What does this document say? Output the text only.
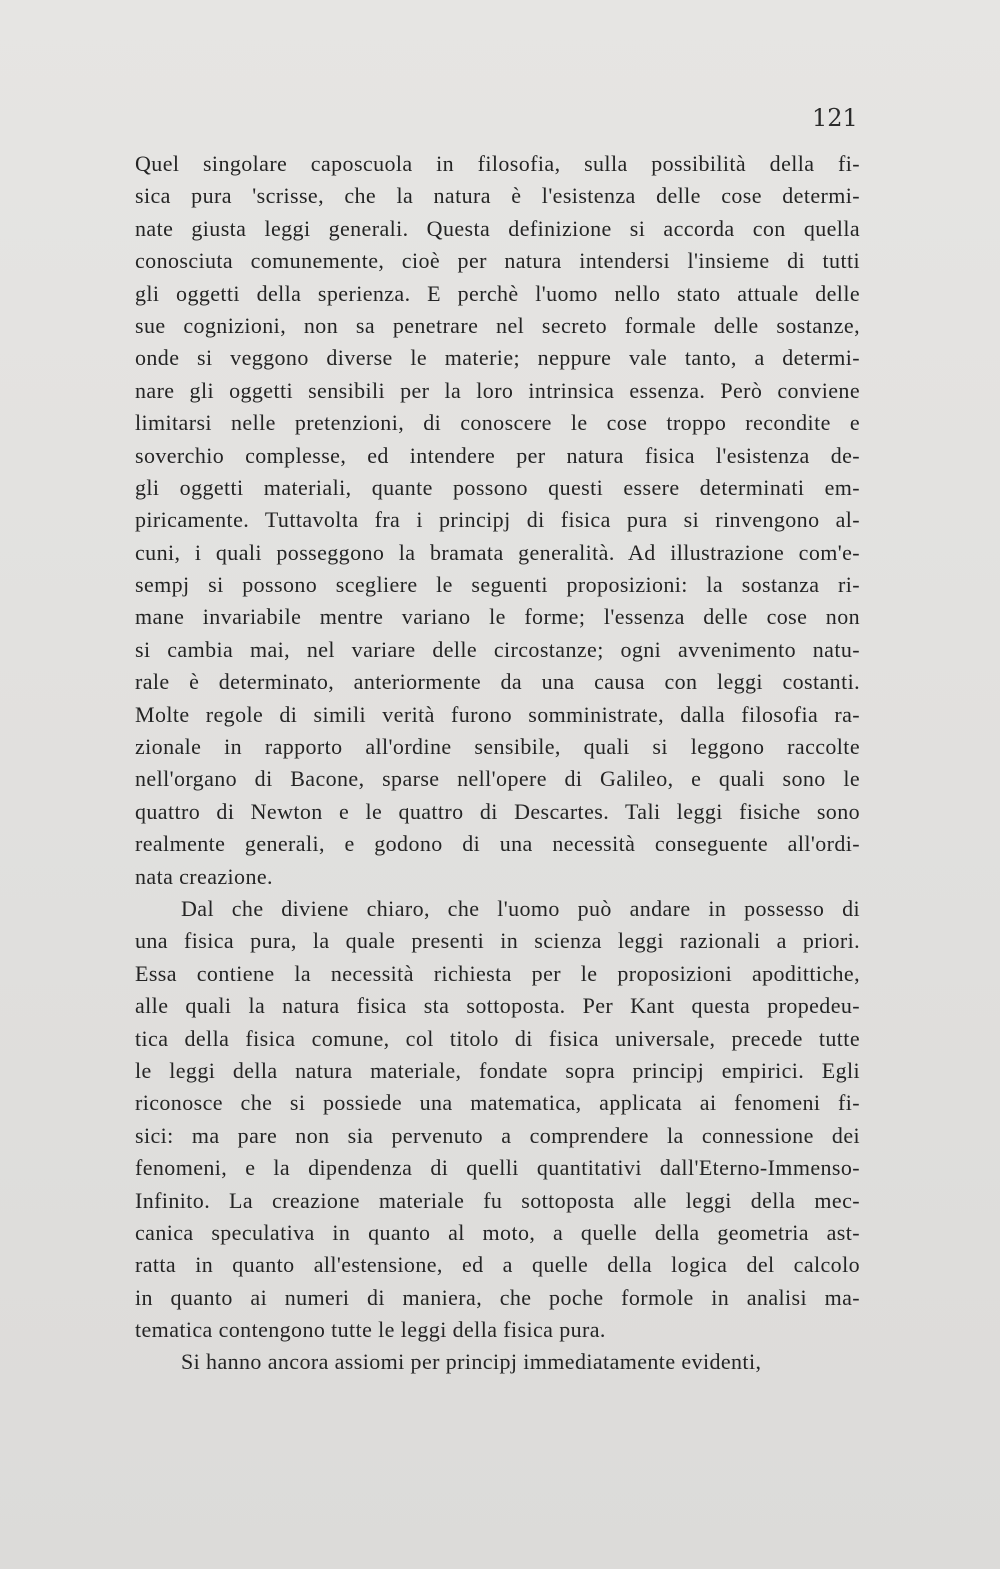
121
Quel singolare caposcuola in filosofia, sulla possibilità della fi-
sica pura 'scrisse, che la natura è l'esistenza delle cose determi-
nate giusta leggi generali. Questa definizione si accorda con quella
conosciuta comunemente, cioè per natura intendersi l'insieme di tutti
gli oggetti della sperienza. E perchè l'uomo nello stato attuale delle
sue cognizioni, non sa penetrare nel secreto formale delle sostanze,
onde si veggono diverse le materie; neppure vale tanto, a determi-
nare gli oggetti sensibili per la loro intrinsica essenza. Però conviene
limitarsi nelle pretenzioni, di conoscere le cose troppo recondite e
soverchio complesse, ed intendere per natura fisica l'esistenza de-
gli oggetti materiali, quante possono questi essere determinati em-
piricamente. Tuttavolta fra i principj di fisica pura si rinvengono al-
cuni, i quali posseggono la bramata generalità. Ad illustrazione com'e-
sempj si possono scegliere le seguenti proposizioni: la sostanza ri-
mane invariabile mentre variano le forme; l'essenza delle cose non
si cambia mai, nel variare delle circostanze; ogni avvenimento natu-
rale è determinato, anteriormente da una causa con leggi costanti.
Molte regole di simili verità furono somministrate, dalla filosofia ra-
zionale in rapporto all'ordine sensibile, quali si leggono raccolte
nell'organo di Bacone, sparse nell'opere di Galileo, e quali sono le
quattro di Newton e le quattro di Descartes. Tali leggi fisiche sono
realmente generali, e godono di una necessità conseguente all'ordi-
nata creazione.
Dal che diviene chiaro, che l'uomo può andare in possesso di
una fisica pura, la quale presenti in scienza leggi razionali a priori.
Essa contiene la necessità richiesta per le proposizioni apodittiche,
alle quali la natura fisica sta sottoposta. Per Kant questa propedeu-
tica della fisica comune, col titolo di fisica universale, precede tutte
le leggi della natura materiale, fondate sopra principj empirici. Egli
riconosce che si possiede una matematica, applicata ai fenomeni fi-
sici: ma pare non sia pervenuto a comprendere la connessione dei
fenomeni, e la dipendenza di quelli quantitativi dall'Eterno-Immenso-
Infinito. La creazione materiale fu sottoposta alle leggi della mec-
canica speculativa in quanto al moto, a quelle della geometria ast-
ratta in quanto all'estensione, ed a quelle della logica del calcolo
in quanto ai numeri di maniera, che poche formole in analisi ma-
tematica contengono tutte le leggi della fisica pura.
Si hanno ancora assiomi per principj immediatamente evidenti,
